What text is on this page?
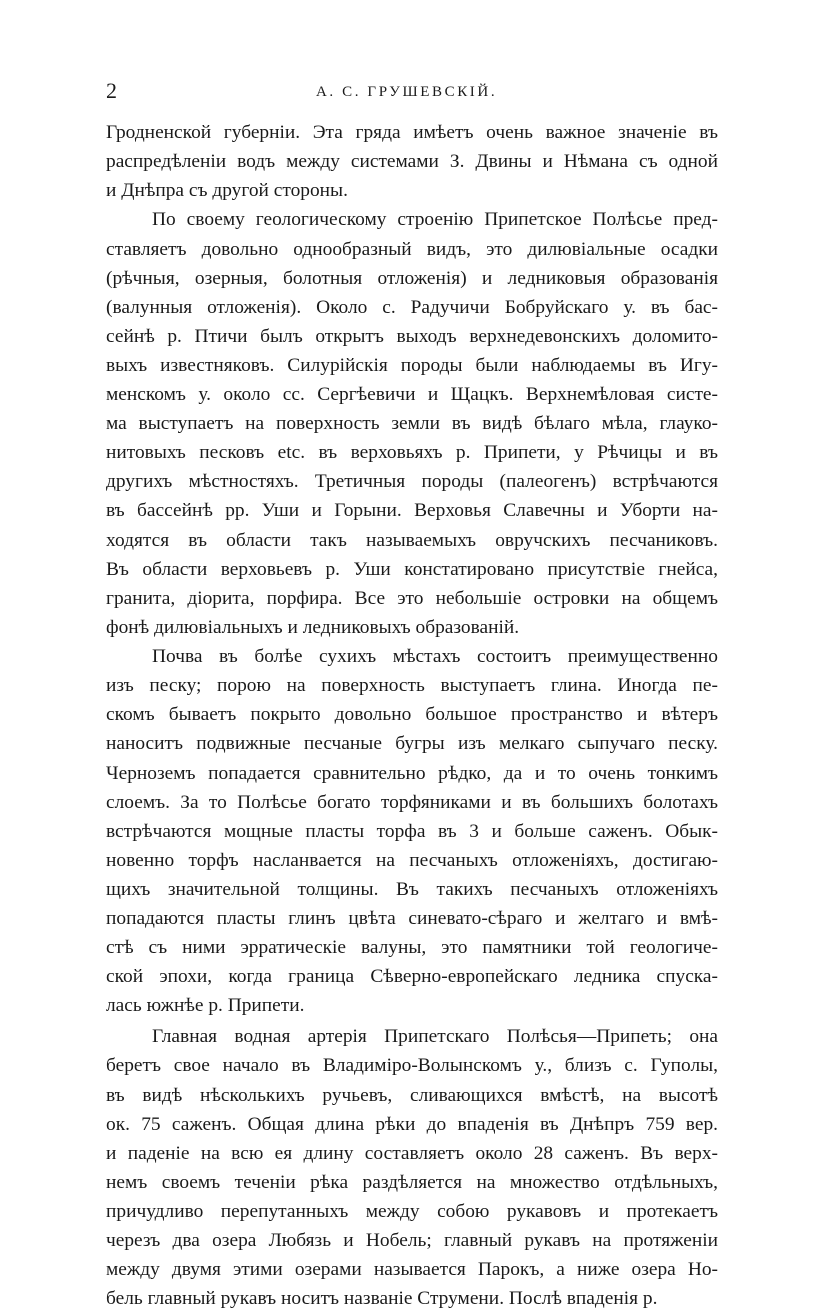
2	А. С. ГРУШЕВСКІЙ.
Гродненской губерніи. Эта гряда имѣетъ очень важное значеніе въ
распредѣленіи водъ между системами З. Двины и Нѣмана съ одной
и Днѣпра съ другой стороны.
По своему геологическому строенію Припетское Полѣсье пред-
ставляетъ довольно однообразный видъ, это дилювіальные осадки
(рѣчныя, озерныя, болотныя отложенія) и ледниковыя образованія
(валунныя отложенія). Около с. Радучичи Бобруйскаго у. въ бас-
сейнѣ р. Птичи былъ открытъ выходъ верхнедевонскихъ доломито-
выхъ известняковъ. Силурійскія породы были наблюдаемы въ Игу-
менскомъ у. около сс. Сергѣевичи и Щацкъ. Верхнемѣловая систе-
ма выступаетъ на поверхность земли въ видѣ бѣлаго мѣла, глауко-
нитовыхъ песковъ etc. въ верховьяхъ р. Припети, у Рѣчицы и въ
другихъ мѣстностяхъ. Третичныя породы (палеогенъ) встрѣчаются
въ бассейнѣ рр. Уши и Горыни. Верховья Славечны и Уборти на-
ходятся въ области такъ называемыхъ овручскихъ песчаниковъ.
Въ области верховьевъ р. Уши констатировано присутствіе гнейса,
гранита, діорита, порфира. Все это небольшіе островки на общемъ
фонѣ дилювіальныхъ и ледниковыхъ образованій.
Почва въ болѣе сухихъ мѣстахъ состоитъ преимущественно
изъ песку; порою на поверхность выступаетъ глина. Иногда пе-
скомъ бываетъ покрыто довольно большое пространство и вѣтеръ
наноситъ подвижные песчаные бугры изъ мелкаго сыпучаго песку.
Черноземъ попадается сравнительно рѣдко, да и то очень тонкимъ
слоемъ. За то Полѣсье богато торфяниками и въ большихъ болотахъ
встрѣчаются мощные пласты торфа въ 3 и больше саженъ. Обык-
новенно торфъ насланвается на песчаныхъ отложеніяхъ, достигаю-
щихъ значительной толщины. Въ такихъ песчаныхъ отложеніяхъ
попадаются пласты глинъ цвѣта синевато-сѣраго и желтаго и вмѣ-
стѣ съ ними эрратическіе валуны, это памятники той геологиче-
ской эпохи, когда граница Сѣверно-европейскаго ледника спуска-
лась южнѣе р. Припети.
Главная водная артерія Припетскаго Полѣсья—Припеть; она
беретъ свое начало въ Владиміро-Волынскомъ у., близъ с. Гуполы,
въ видѣ нѣсколькихъ ручьевъ, сливающихся вмѣстѣ, на высотѣ
ок. 75 саженъ. Общая длина рѣки до впаденія въ Днѣпръ 759 вер.
и паденіе на всю ея длину составляетъ около 28 саженъ. Въ верх-
немъ своемъ теченіи рѣка раздѣляется на множество отдѣльныхъ,
причудливо перепутанныхъ между собою рукавовъ и протекаетъ
черезъ два озера Любязь и Нобель; главный рукавъ на протяженіи
между двумя этими озерами называется Парокъ, а ниже озера Но-
бель главный рукавъ носитъ названіе Струмени. Послѣ впаденія р.
